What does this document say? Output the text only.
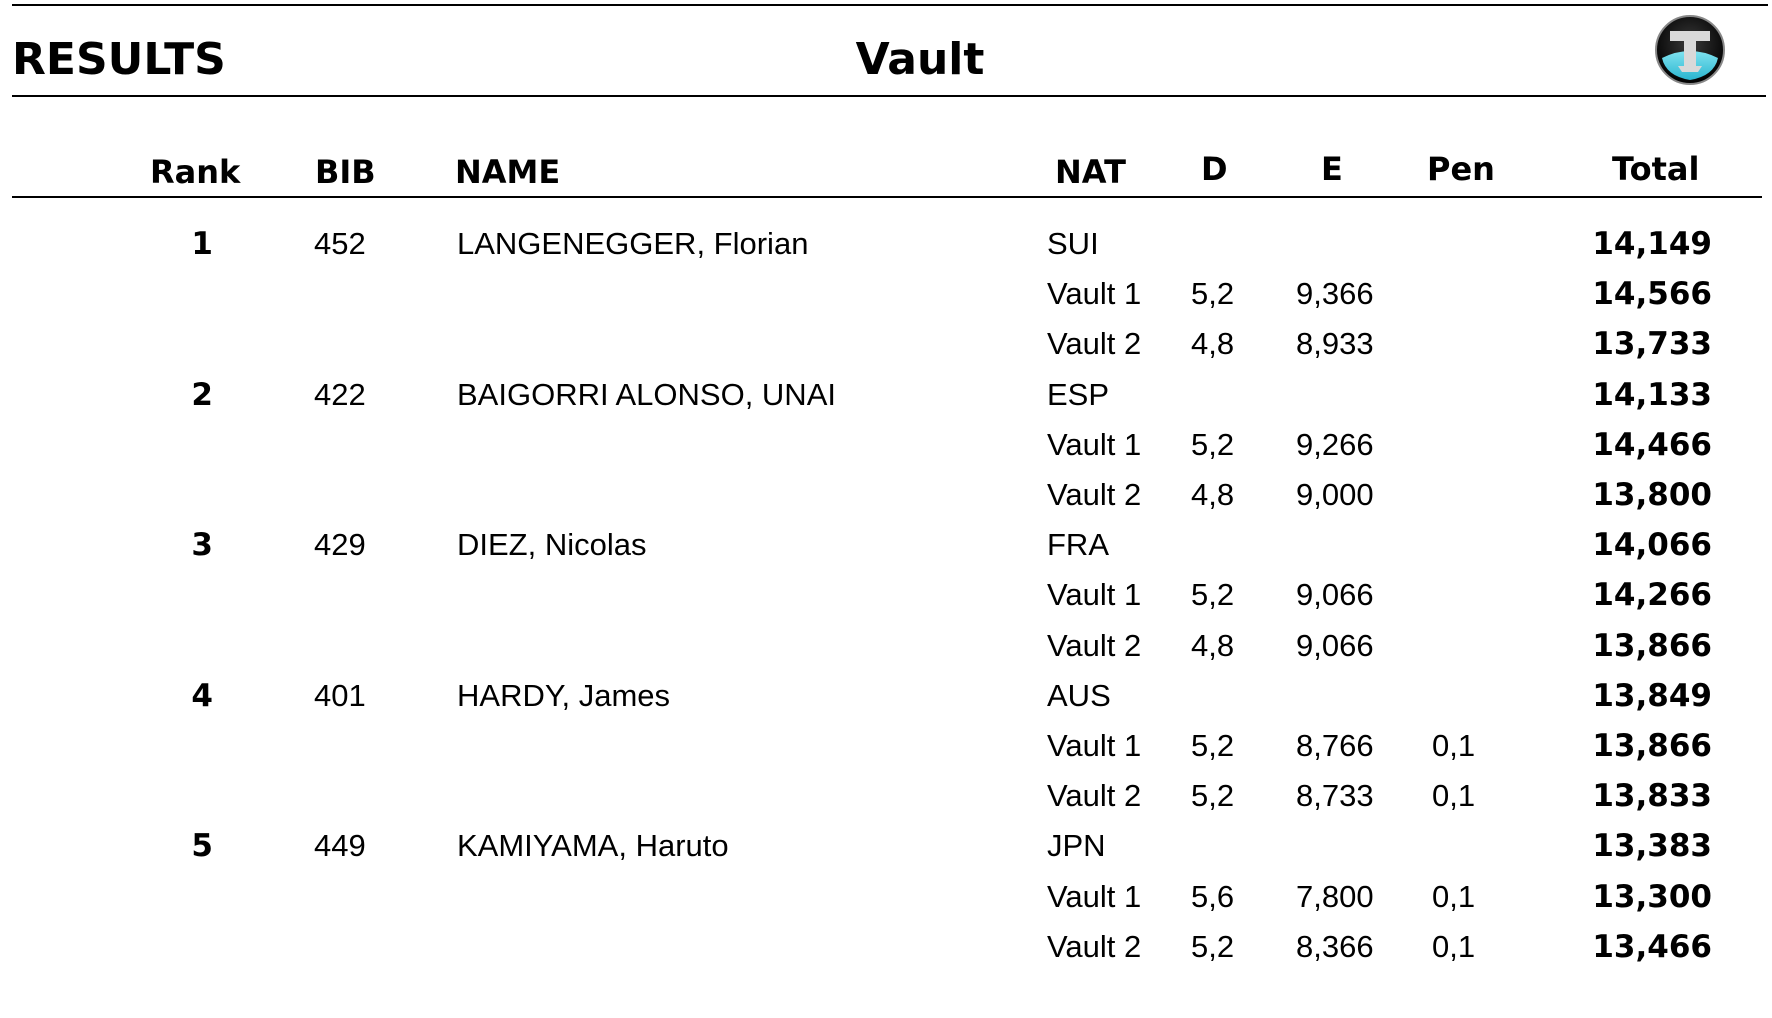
RESULTS	Vault
Rank BIB NAME	NAT D	E	Pen	Total
1	452	LANGENEGGER, Florian	SUI	14,149
Vault 1 5,2 9,366	14,566
Vault 2 4,8 8,933	13,733
2	422	BAIGORRI ALONSO, UNAI	ESP	14,133
Vault 1 5,2 9,266	14,466
Vault 2 4,8 9,000	13,800
3	429	DIEZ, Nicolas	FRA	14,066
Vault 1 5,2 9,066	14,266
Vault 2 4,8 9,066	13,866
4	401	HARDY, James	AUS	13,849
Vault 1 5,2 8,766 0,1	13,866
Vault 2 5,2 8,733 0,1	13,833
5	449	KAMIYAMA, Haruto	JPN	13,383
Vault 1 5,6 7,800 0,1	13,300
Vault 2 5,2 8,366 0,1	13,466
